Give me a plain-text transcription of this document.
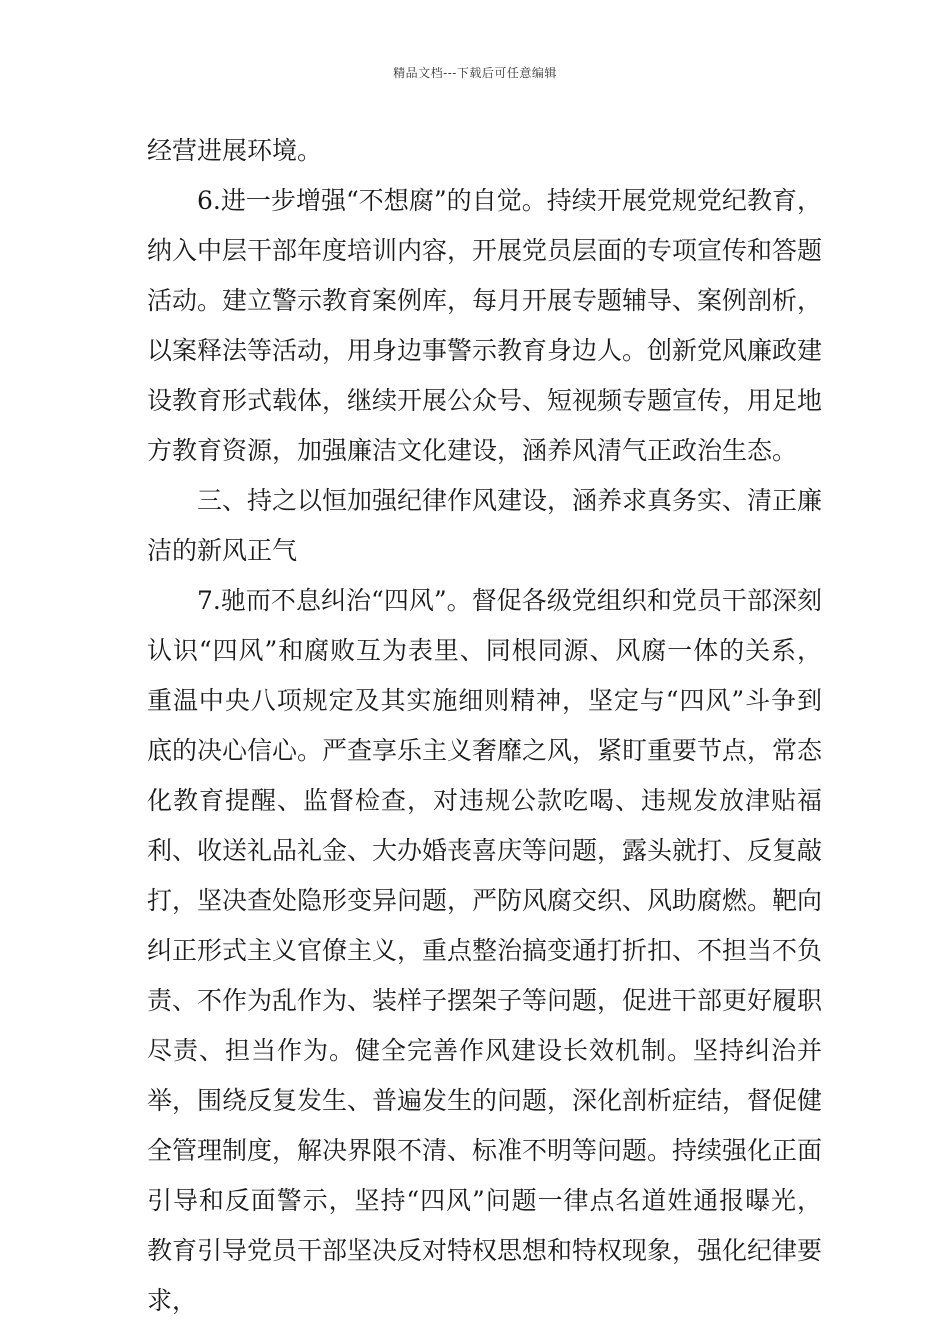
精品文档---下载后可任意编辑

经营进展环境。

6.进一步增强“不想腐”的自觉。持续开展党规党纪教育，纳入中层干部年度培训内容，开展党员层面的专项宣传和答题活动。建立警示教育案例库，每月开展专题辅导、案例剖析，以案释法等活动，用身边事警示教育身边人。创新党风廉政建设教育形式载体，继续开展公众号、短视频专题宣传，用足地方教育资源，加强廉洁文化建设，涵养风清气正政治生态。

三、持之以恒加强纪律作风建设，涵养求真务实、清正廉洁的新风正气

7.驰而不息纠治“四风”。督促各级党组织和党员干部深刻认识“四风”和腐败互为表里、同根同源、风腐一体的关系，重温中央八项规定及其实施细则精神，坚定与“四风”斗争到底的决心信心。严查享乐主义奢靡之风，紧盯重要节点，常态化教育提醒、监督检查，对违规公款吃喝、违规发放津贴福利、收送礼品礼金、大办婚丧喜庆等问题，露头就打、反复敲打，坚决查处隐形变异问题，严防风腐交织、风助腐燃。靶向纠正形式主义官僚主义，重点整治搞变通打折扣、不担当不负责、不作为乱作为、装样子摆架子等问题，促进干部更好履职尽责、担当作为。健全完善作风建设长效机制。坚持纠治并举，围绕反复发生、普遍发生的问题，深化剖析症结，督促健全管理制度，解决界限不清、标准不明等问题。持续强化正面引导和反面警示，坚持“四风”问题一律点名道姓通报曝光，教育引导党员干部坚决反对特权思想和特权现象，强化纪律要求，
